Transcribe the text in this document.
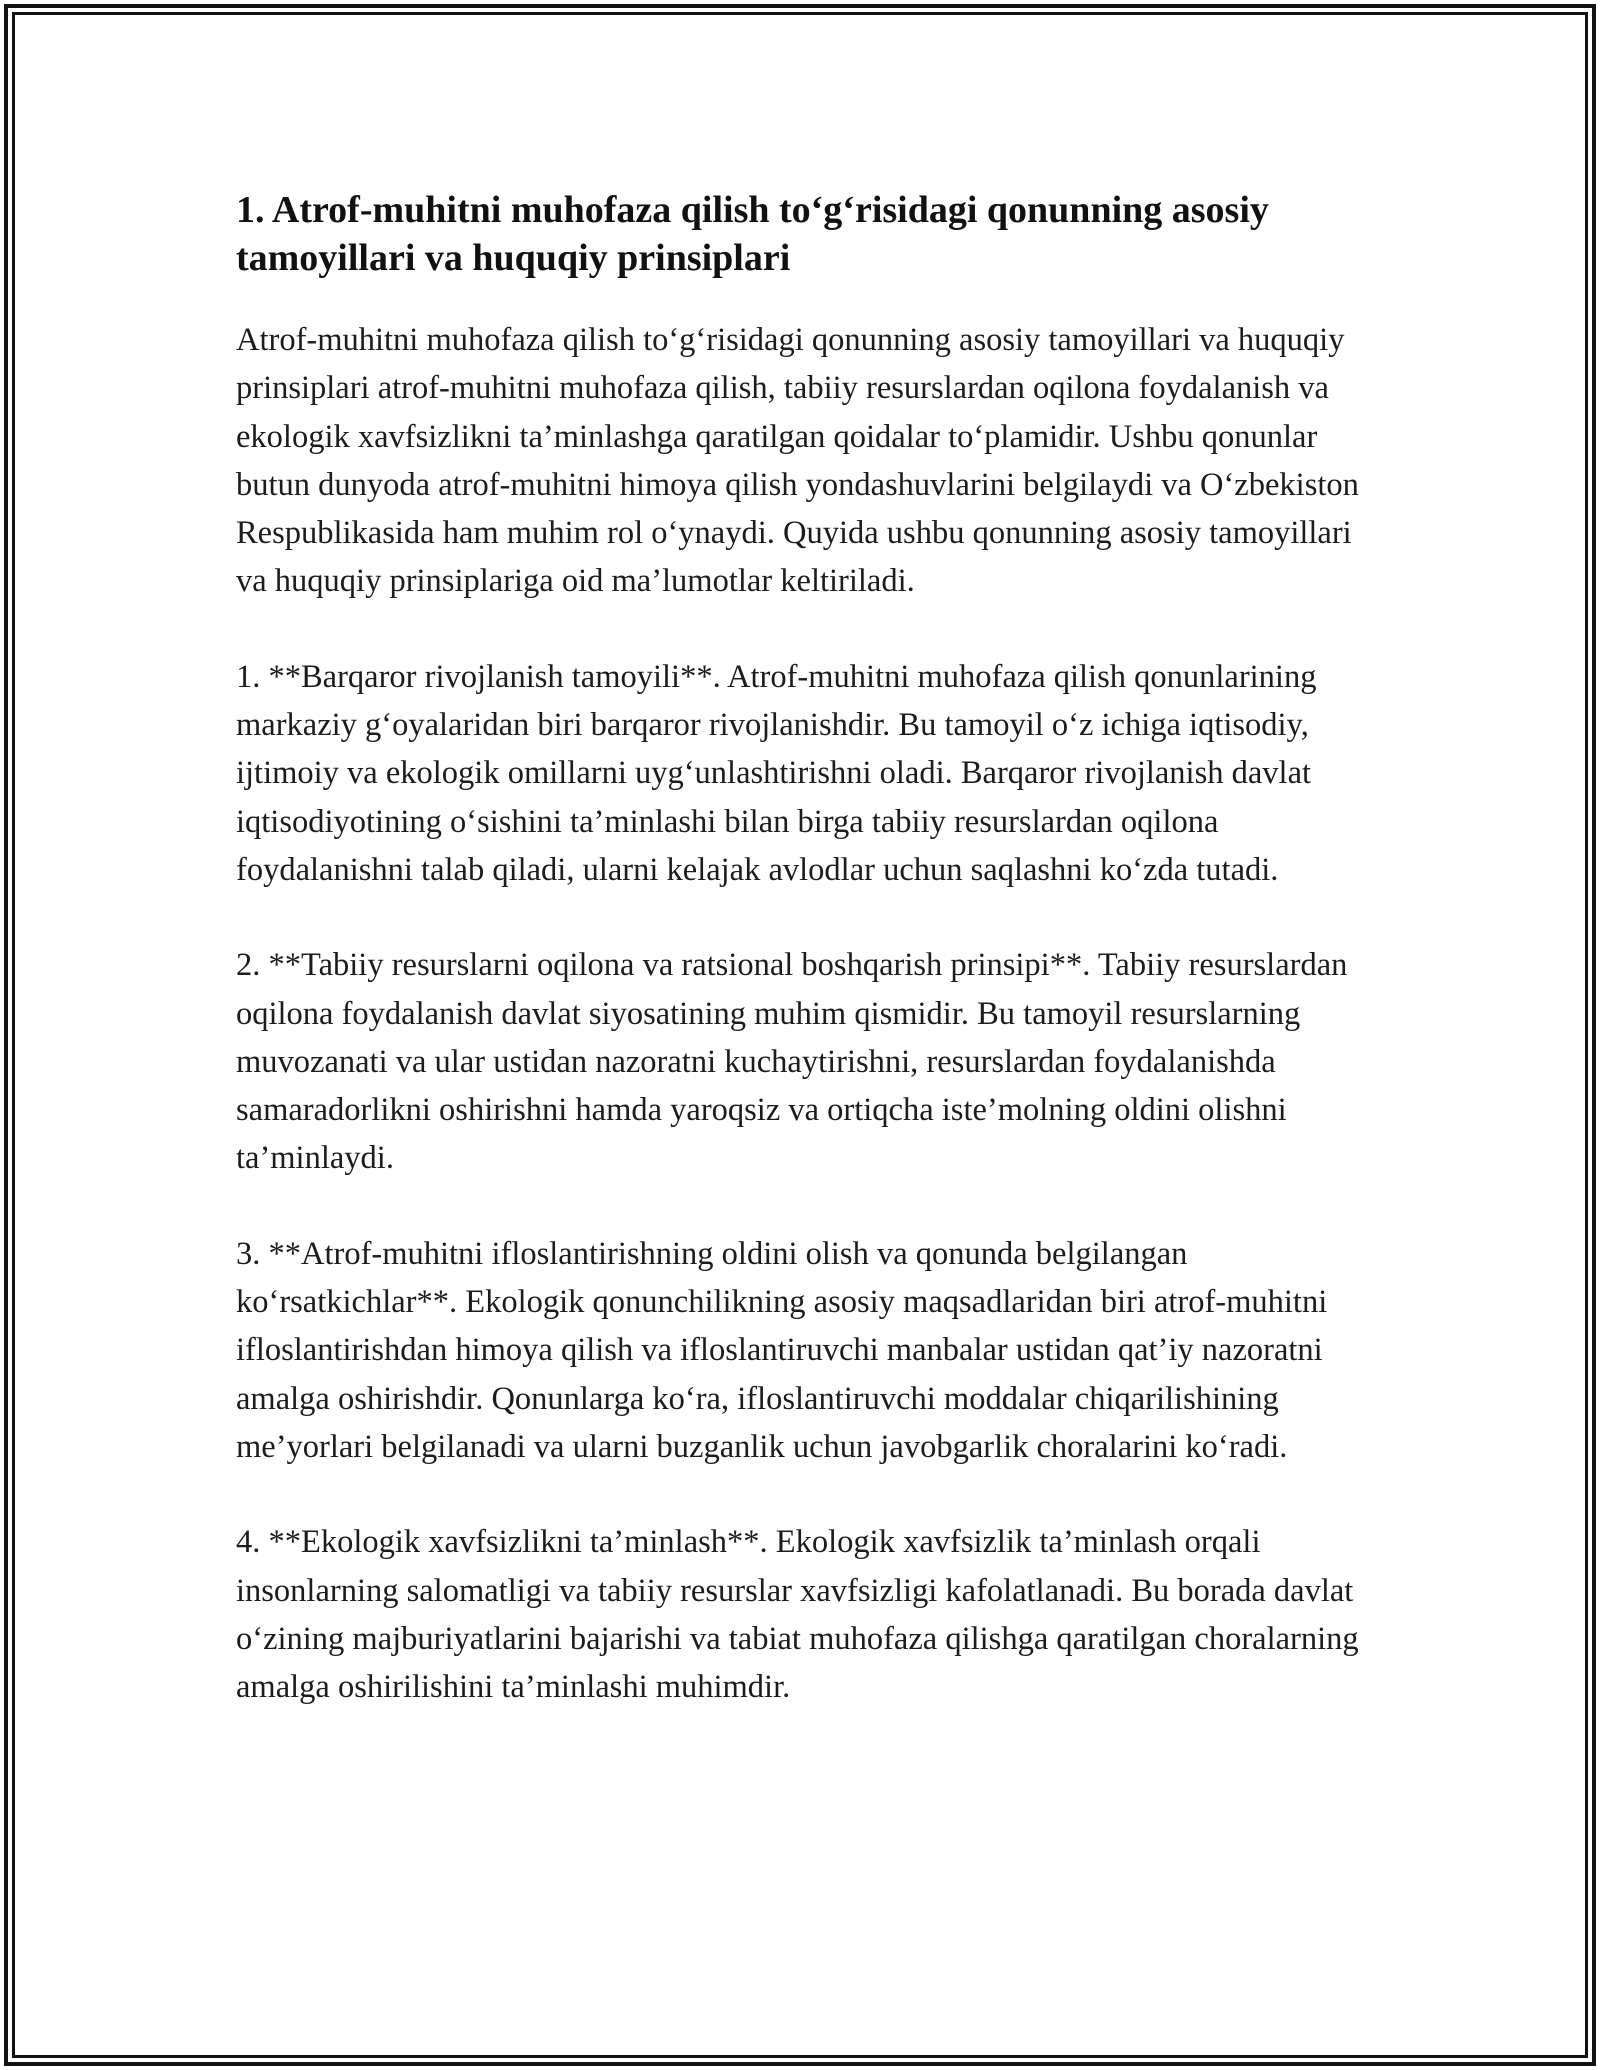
1. Atrof-muhitni muhofaza qilish to‘g‘risidagi qonunning asosiy tamoyillari va huquqiy prinsiplari

Atrof-muhitni muhofaza qilish to‘g‘risidagi qonunning asosiy tamoyillari va huquqiy prinsiplari atrof-muhitni muhofaza qilish, tabiiy resurslardan oqilona foydalanish va ekologik xavfsizlikni ta’minlashga qaratilgan qoidalar to‘plamidir. Ushbu qonunlar butun dunyoda atrof-muhitni himoya qilish yondashuvlarini belgilaydi va O‘zbekiston Respublikasida ham muhim rol o‘ynaydi. Quyida ushbu qonunning asosiy tamoyillari va huquqiy prinsiplariga oid ma’lumotlar keltiriladi.

1. **Barqaror rivojlanish tamoyili**. Atrof-muhitni muhofaza qilish qonunlarining markaziy g‘oyalaridan biri barqaror rivojlanishdir. Bu tamoyil o‘z ichiga iqtisodiy, ijtimoiy va ekologik omillarni uyg‘unlashtirishni oladi. Barqaror rivojlanish davlat iqtisodiyotining o‘sishini ta’minlashi bilan birga tabiiy resurslardan oqilona foydalanishni talab qiladi, ularni kelajak avlodlar uchun saqlashni ko‘zda tutadi.

2. **Tabiiy resurslarni oqilona va ratsional boshqarish prinsipi**. Tabiiy resurslardan oqilona foydalanish davlat siyosatining muhim qismidir. Bu tamoyil resurslarning muvozanati va ular ustidan nazoratni kuchaytirishni, resurslardan foydalanishda samaradorlikni oshirishni hamda yaroqsiz va ortiqcha iste’molning oldini olishni ta’minlaydi.

3. **Atrof-muhitni ifloslantirishning oldini olish va qonunda belgilangan ko‘rsatkichlar**. Ekologik qonunchilikning asosiy maqsadlaridan biri atrof-muhitni ifloslantirishdan himoya qilish va ifloslantiruvchi manbalar ustidan qat’iy nazoratni amalga oshirishdir. Qonunlarga ko‘ra, ifloslantiruvchi moddalar chiqarilishining me’yorlari belgilanadi va ularni buzganlik uchun javobgarlik choralarini ko‘radi.

4. **Ekologik xavfsizlikni ta’minlash**. Ekologik xavfsizlik ta’minlash orqali insonlarning salomatligi va tabiiy resurslar xavfsizligi kafolatlanadi. Bu borada davlat o‘zining majburiyatlarini bajarishi va tabiat muhofaza qilishga qaratilgan choralarning amalga oshirilishini ta’minlashi muhimdir.
